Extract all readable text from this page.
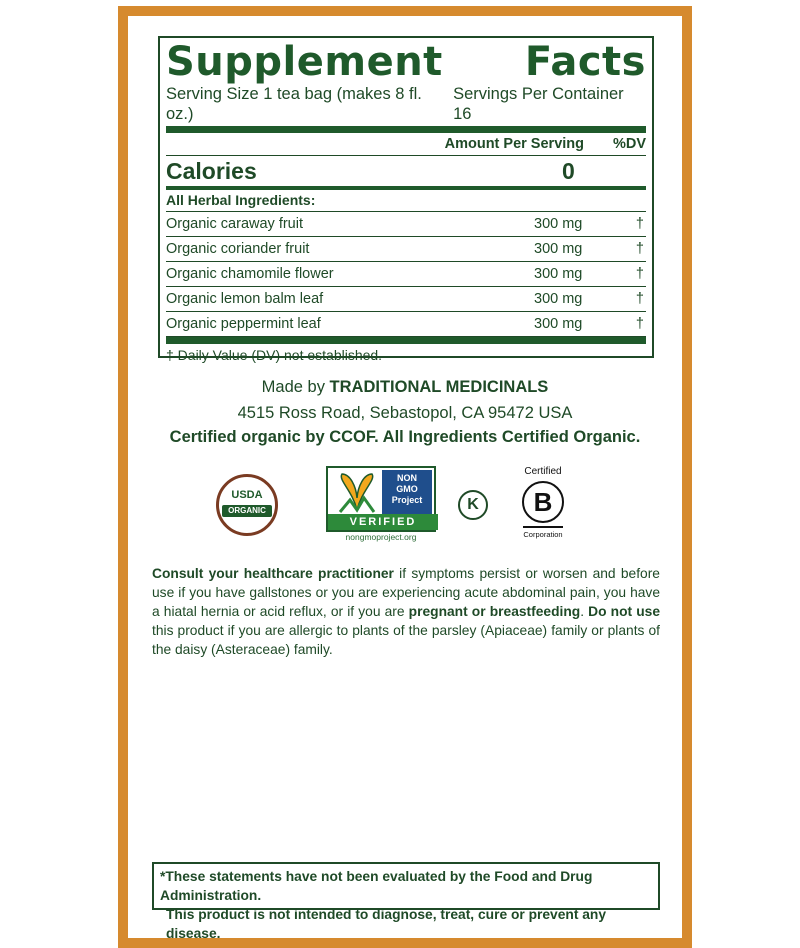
Supplement Facts
Serving Size 1 tea bag (makes 8 fl. oz.)
Servings Per Container 16
Amount Per Serving	%DV
Calories	0
All Herbal Ingredients:
Organic caraway fruit	300 mg	†
Organic coriander fruit	300 mg	†
Organic chamomile flower	300 mg	†
Organic lemon balm leaf	300 mg	†
Organic peppermint leaf	300 mg	†
† Daily Value (DV) not established.
Made by TRADITIONAL MEDICINALS
4515 Ross Road, Sebastopol, CA 95472 USA
Certified organic by CCOF. All Ingredients Certified Organic.
USDA
ORGANIC
NON
GMO
Project
VERIFIED
nongmoproject.org
K
Certified
B
Corporation
Consult your healthcare practitioner if symptoms persist or worsen and before use if you have gallstones or you are experiencing acute abdominal pain, you have a hiatal hernia or acid reflux, or if you are pregnant or breastfeeding. Do not use this product if you are allergic to plants of the parsley (Apiaceae) family or plants of the daisy (Asteraceae) family.
*These statements have not been evaluated by the Food and Drug Administration.
This product is not intended to diagnose, treat, cure or prevent any disease.
